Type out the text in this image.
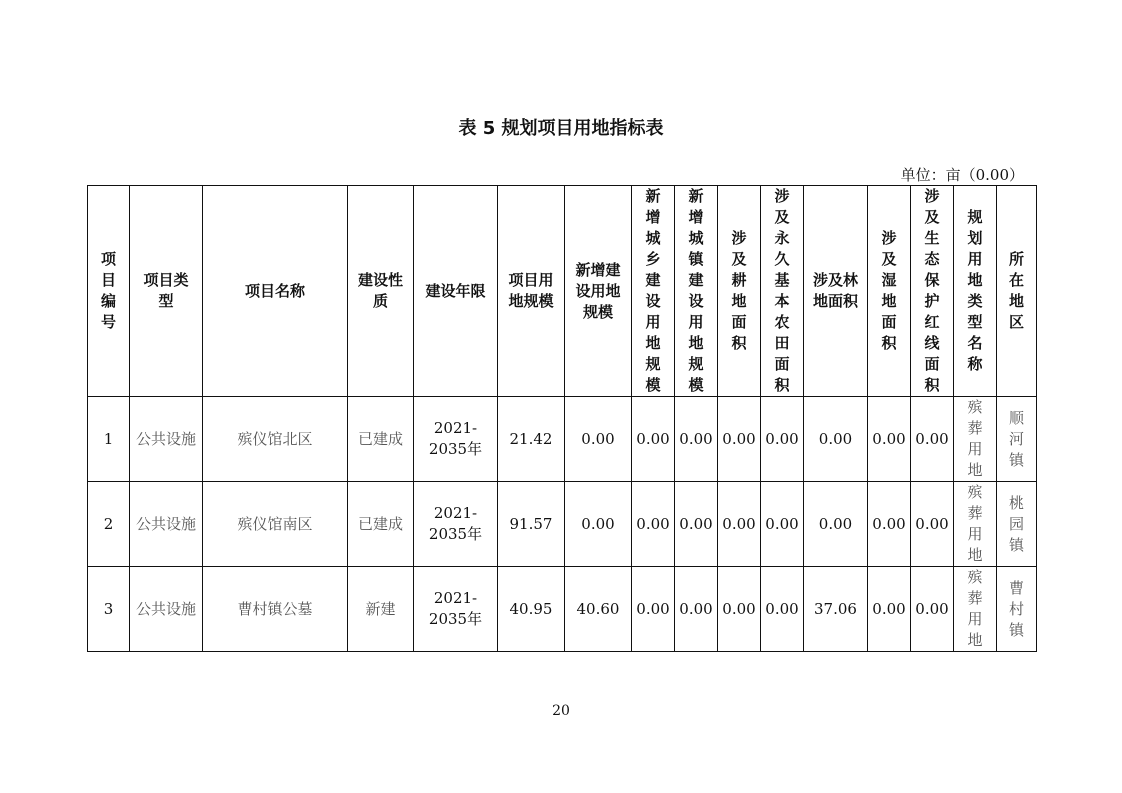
表 5 规划项目用地指标表
单位：亩（0.00）
项目编号	项目类型	项目名称	建设性质	建设年限	项目用地规模	新增建设用地规模	新增城乡建设用地规模	新增城镇建设用地规模	涉及耕地面积	涉及永久基本农田面积	涉及林地面积	涉及湿地面积	涉及生态保护红线面积	规划用地类型名称	所在地区
1	公共设施	殡仪馆北区	已建成	2021-2035年	21.42	0.00	0.00	0.00	0.00	0.00	0.00	0.00	0.00	殡葬用地	顺河镇
2	公共设施	殡仪馆南区	已建成	2021-2035年	91.57	0.00	0.00	0.00	0.00	0.00	0.00	0.00	0.00	殡葬用地	桃园镇
3	公共设施	曹村镇公墓	新建	2021-2035年	40.95	40.60	0.00	0.00	0.00	0.00	37.06	0.00	0.00	殡葬用地	曹村镇
20
